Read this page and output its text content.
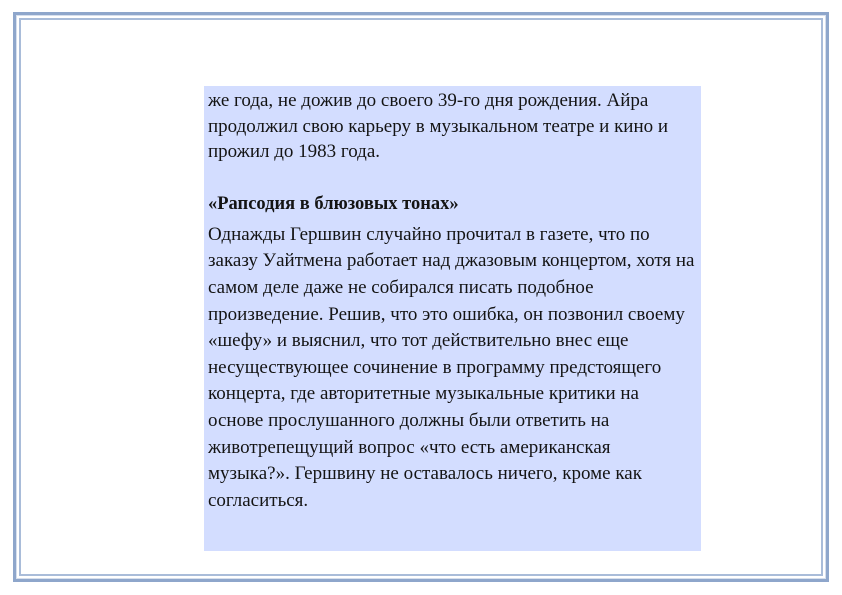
же года, не дожив до своего 39-го дня рождения. Айра продолжил свою карьеру в музыкальном театре и кино и прожил до 1983 года.

«Рапсодия в блюзовых тонах»

Однажды Гершвин случайно прочитал в газете, что по заказу Уайтмена работает над джазовым концертом, хотя на самом деле даже не собирался писать подобное произведение. Решив, что это ошибка, он позвонил своему «шефу» и выяснил, что тот действительно внес еще несуществующее сочинение в программу предстоящего концерта, где авторитетные музыкальные критики на основе прослушанного должны были ответить на животрепещущий вопрос «что есть американская музыка?». Гершвину не оставалось ничего, кроме как согласиться.
